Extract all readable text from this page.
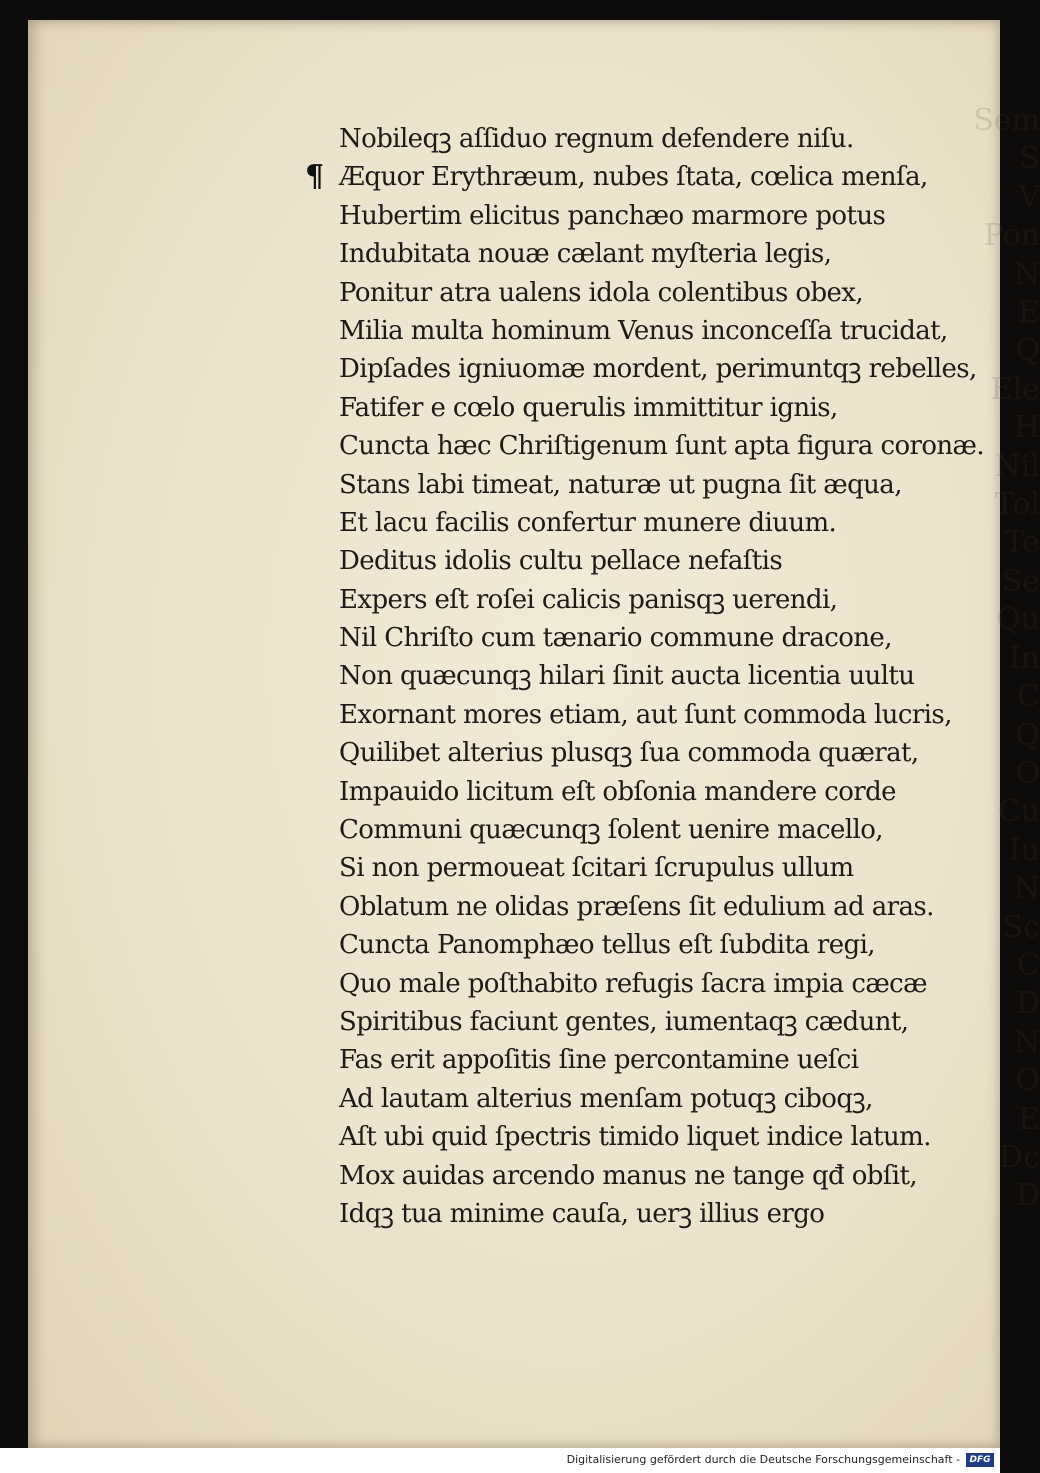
Sem
S
V
Pon
N
E
Q
Ele
H
Nil
Tol
Te
Se
Qu
In
C
Q
O
Cu
Iu
N
Sc
C
D
N
O
E
Dc
D
Nobileqꝫ aſſiduo regnum defendere niſu.
¶ Æquor Erythræum, nubes ſtata, cœlica menſa,
Hubertim elicitus panchæo marmore potus
Indubitata nouæ cælant myſteria legis,
Ponitur atra ualens idola colentibus obex,
Milia multa hominum Venus inconceſſa trucidat,
Dipſades igniuomæ mordent, perimuntqꝫ rebelles,
Fatifer e cœlo querulis immittitur ignis,
Cuncta hæc Chriſtigenum ſunt apta figura coronæ.
Stans labi timeat, naturæ ut pugna ſit æqua,
Et lacu facilis confertur munere diuum.
Deditus idolis cultu pellace nefaſtis
Expers eſt roſei calicis panisqꝫ uerendi,
Nil Chriſto cum tænario commune dracone,
Non quæcunqꝫ hilari ſinit aucta licentia uultu
Exornant mores etiam, aut ſunt commoda lucris,
Quilibet alterius plusqꝫ ſua commoda quærat,
Impauido licitum eſt obſonia mandere corde
Communi quæcunqꝫ ſolent uenire macello,
Si non permoueat ſcitari ſcrupulus ullum
Oblatum ne olidas præſens ſit edulium ad aras.
Cuncta Panomphæo tellus eſt ſubdita regi,
Quo male poſthabito refugis ſacra impia cæcæ
Spiritibus faciunt gentes, iumentaqꝫ cædunt,
Fas erit appoſitis ſine percontamine ueſci
Ad lautam alterius menſam potuqꝫ ciboqꝫ,
Aſt ubi quid ſpectris timido liquet indice latum.
Mox auidas arcendo manus ne tange qđ obſit,
Idqꝫ tua minime cauſa, uerꝫ illius ergo
Digitalisierung gefördert durch die Deutsche Forschungsgemeinschaft -	DFG
